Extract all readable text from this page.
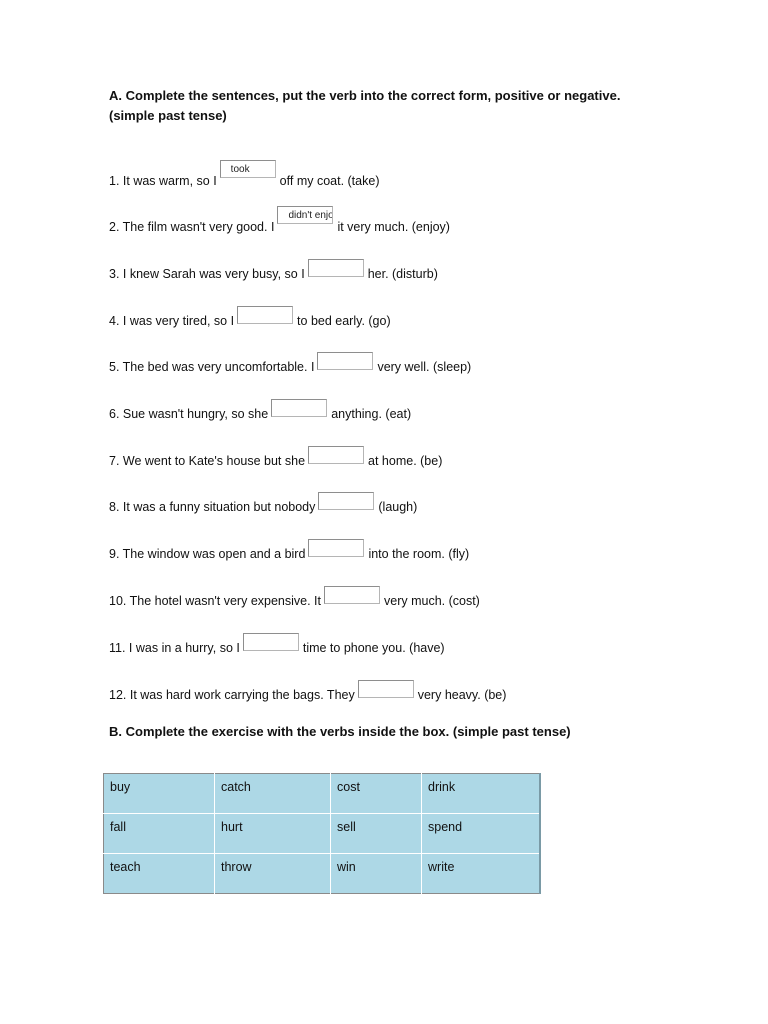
A. Complete the sentences, put the verb into the correct form, positive or negative. (simple past tense)
1. It was warm, so I
took	off my coat. (take)
2. The film wasn't very good. I
didn't enjoy	it very much. (enjoy)
3. I knew Sarah was very busy, so I	her. (disturb)
4. I was very tired, so I	to bed early. (go)
5. The bed was very uncomfortable. I	very well. (sleep)
6. Sue wasn't hungry, so she	anything. (eat)
7. We went to Kate's house but she	at home. (be)
8. It was a funny situation but nobody	(laugh)
9. The window was open and a bird	into the room. (fly)
10. The hotel wasn't very expensive. It	very much. (cost)
11. I was in a hurry, so I	time to phone you. (have)
12. It was hard work carrying the bags. They	very heavy. (be)
B. Complete the exercise with the verbs inside the box. (simple past tense)
buy	catch	cost	drink
fall	hurt	sell	spend
teach	throw	win	write
